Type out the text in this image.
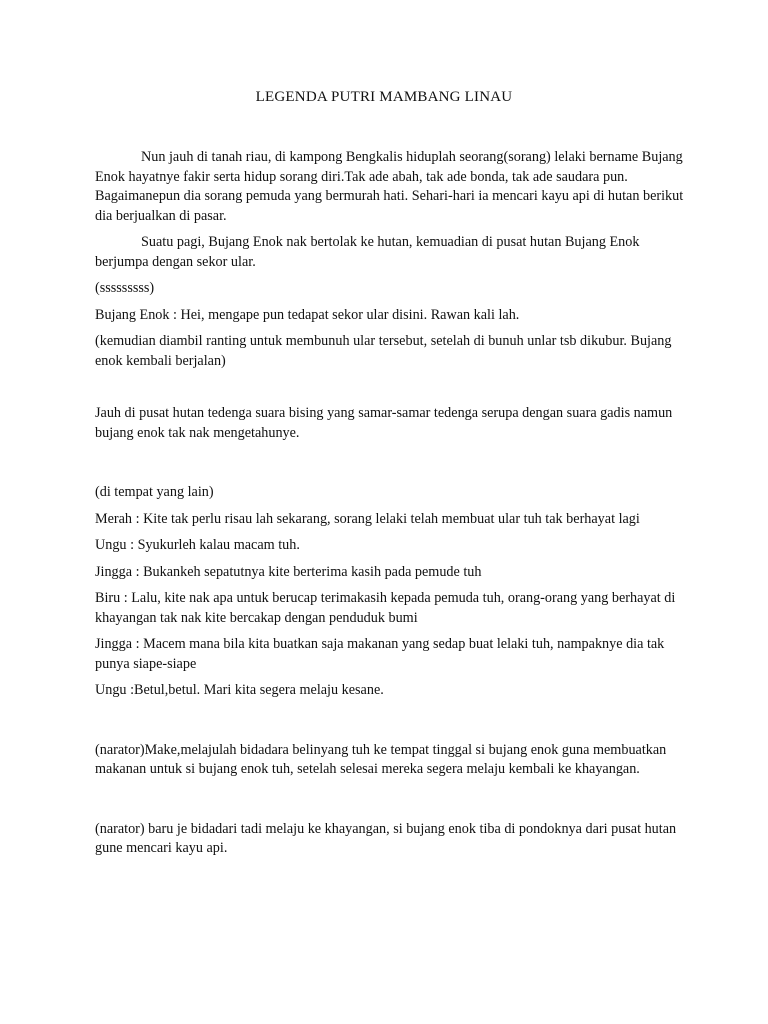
LEGENDA PUTRI MAMBANG LINAU

Nun jauh di tanah riau, di kampong Bengkalis hiduplah seorang(sorang) lelaki bername Bujang Enok hayatnye fakir serta hidup sorang diri.Tak ade abah, tak ade bonda, tak ade saudara pun. Bagaimanepun dia sorang pemuda yang bermurah hati. Sehari-hari ia mencari kayu api di hutan berikut dia berjualkan di pasar.

Suatu pagi, Bujang Enok nak bertolak ke hutan, kemuadian di pusat hutan Bujang Enok berjumpa dengan sekor ular.

(sssssssss)

Bujang Enok : Hei, mengape pun tedapat sekor ular disini. Rawan kali lah.

(kemudian diambil ranting untuk membunuh ular tersebut, setelah di bunuh unlar tsb dikubur. Bujang enok kembali berjalan)

Jauh di pusat hutan tedenga suara bising yang samar-samar tedenga serupa dengan suara gadis namun bujang enok tak nak mengetahunye.

(di tempat yang lain)

Merah : Kite tak perlu risau lah sekarang, sorang lelaki telah membuat ular tuh tak berhayat lagi

Ungu : Syukurleh kalau macam tuh.

Jingga : Bukankeh sepatutnya kite berterima kasih pada pemude tuh

Biru : Lalu, kite nak apa untuk berucap terimakasih kepada pemuda tuh, orang-orang yang berhayat di khayangan tak nak kite bercakap dengan penduduk bumi

Jingga : Macem mana bila kita buatkan saja makanan yang sedap buat lelaki tuh, nampaknye dia tak punya siape-siape

Ungu :Betul,betul. Mari kita segera melaju kesane.

(narator)Make,melajulah bidadara belinyang tuh ke tempat tinggal si bujang enok guna membuatkan makanan untuk si bujang enok tuh, setelah selesai mereka segera melaju kembali ke khayangan.

(narator) baru je bidadari tadi melaju ke khayangan, si bujang enok tiba di pondoknya dari pusat hutan gune mencari kayu api.
